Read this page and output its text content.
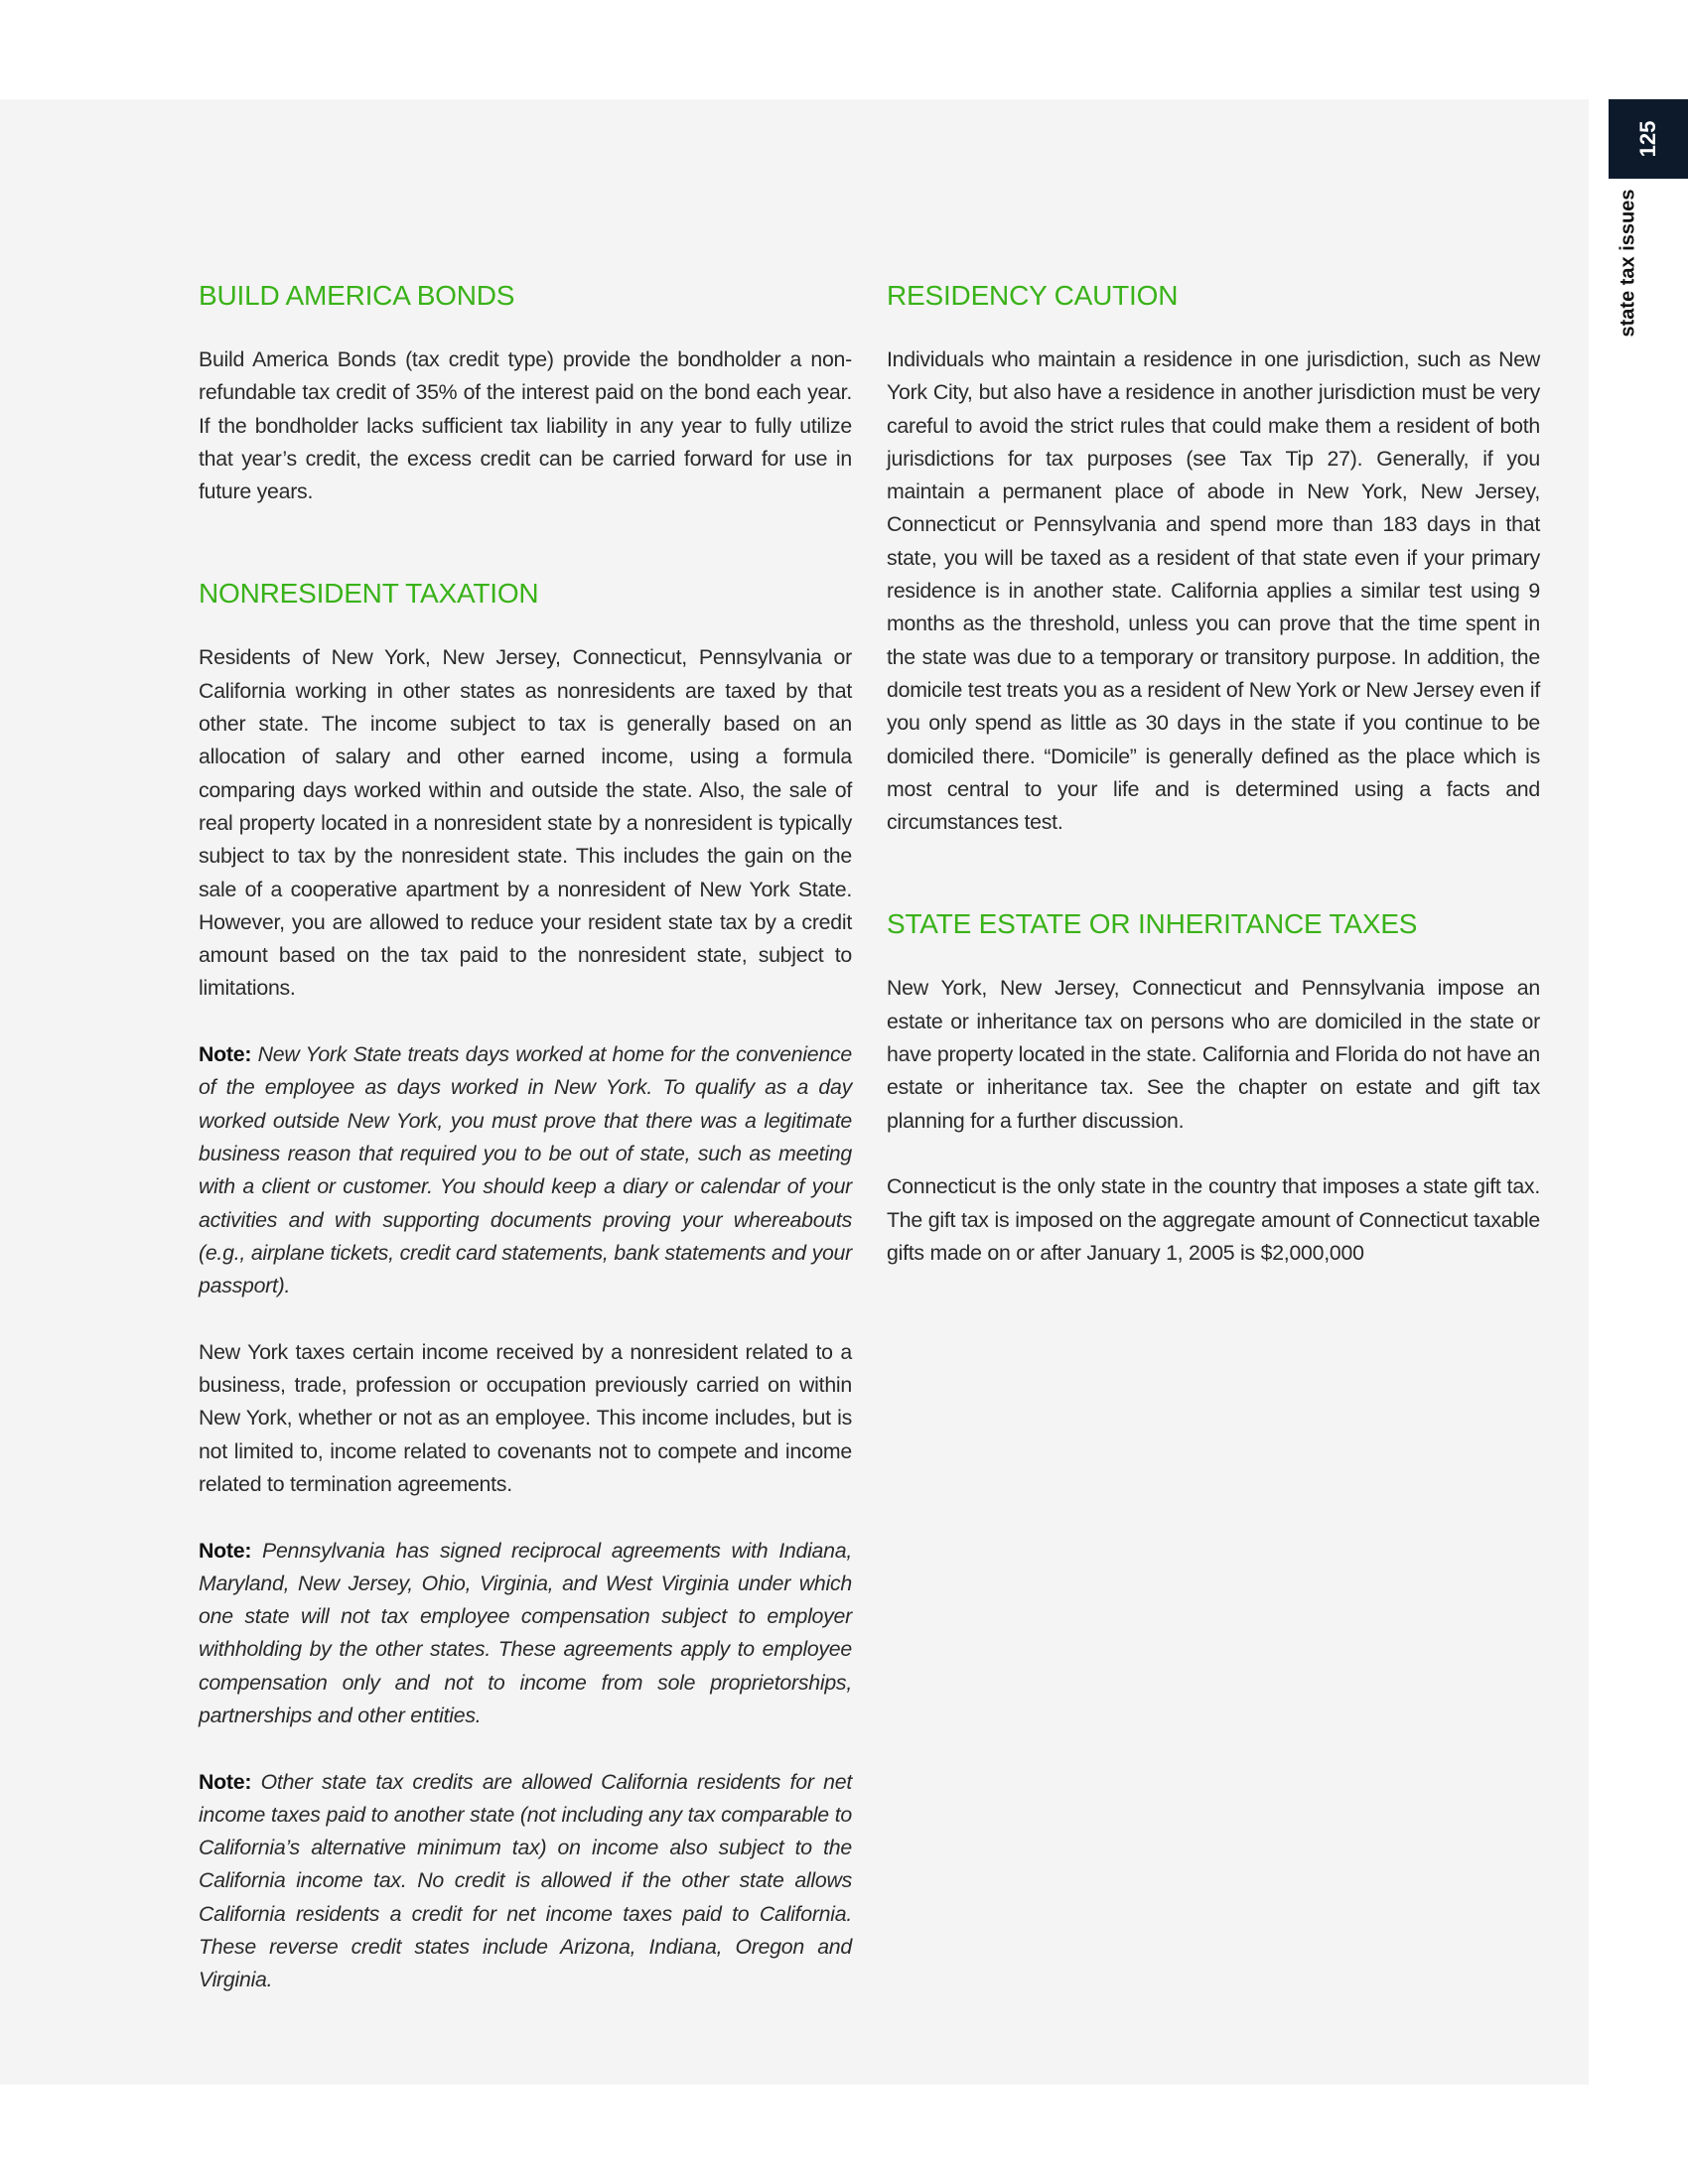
125
state tax issues
BUILD AMERICA BONDS

Build America Bonds (tax credit type) provide the bondholder a non-refundable tax credit of 35% of the interest paid on the bond each year. If the bondholder lacks sufficient tax liability in any year to fully utilize that year’s credit, the excess credit can be carried forward for use in future years.

NONRESIDENT TAXATION

Residents of New York, New Jersey, Connecticut, Pennsylvania or California working in other states as nonresidents are taxed by that other state. The income subject to tax is generally based on an allocation of salary and other earned income, using a formula comparing days worked within and outside the state. Also, the sale of real property located in a nonresident state by a nonresident is typically subject to tax by the nonresident state. This includes the gain on the sale of a cooperative apartment by a nonresident of New York State. However, you are allowed to reduce your resident state tax by a credit amount based on the tax paid to the nonresident state, subject to limitations.

Note: New York State treats days worked at home for the convenience of the employee as days worked in New York. To qualify as a day worked outside New York, you must prove that there was a legitimate business reason that required you to be out of state, such as meeting with a client or customer. You should keep a diary or calendar of your activities and with supporting documents proving your whereabouts (e.g., airplane tickets, credit card statements, bank statements and your passport).

New York taxes certain income received by a nonresident related to a business, trade, profession or occupation previously carried on within New York, whether or not as an employee. This income includes, but is not limited to, income related to covenants not to compete and income related to termination agreements.

Note: Pennsylvania has signed reciprocal agreements with Indiana, Maryland, New Jersey, Ohio, Virginia, and West Virginia under which one state will not tax employee compensation subject to employer withholding by the other states. These agreements apply to employee compensation only and not to income from sole proprietorships, partnerships and other entities.

Note: Other state tax credits are allowed California residents for net income taxes paid to another state (not including any tax comparable to California’s alternative minimum tax) on income also subject to the California income tax. No credit is allowed if the other state allows California residents a credit for net income taxes paid to California. These reverse credit states include Arizona, Indiana, Oregon and Virginia.

RESIDENCY CAUTION

Individuals who maintain a residence in one jurisdiction, such as New York City, but also have a residence in another jurisdiction must be very careful to avoid the strict rules that could make them a resident of both jurisdictions for tax purposes (see Tax Tip 27). Generally, if you maintain a permanent place of abode in New York, New Jersey, Connecticut or Pennsylvania and spend more than 183 days in that state, you will be taxed as a resident of that state even if your primary residence is in another state. California applies a similar test using 9 months as the threshold, unless you can prove that the time spent in the state was due to a temporary or transitory purpose. In addition, the domicile test treats you as a resident of New York or New Jersey even if you only spend as little as 30 days in the state if you continue to be domiciled there. “Domicile” is generally defined as the place which is most central to your life and is determined using a facts and circumstances test.

STATE ESTATE OR INHERITANCE TAXES

New York, New Jersey, Connecticut and Pennsylvania impose an estate or inheritance tax on persons who are domiciled in the state or have property located in the state. California and Florida do not have an estate or inheritance tax. See the chapter on estate and gift tax planning for a further discussion.

Connecticut is the only state in the country that imposes a state gift tax. The gift tax is imposed on the aggregate amount of Connecticut taxable gifts made on or after January 1, 2005 is $2,000,000
